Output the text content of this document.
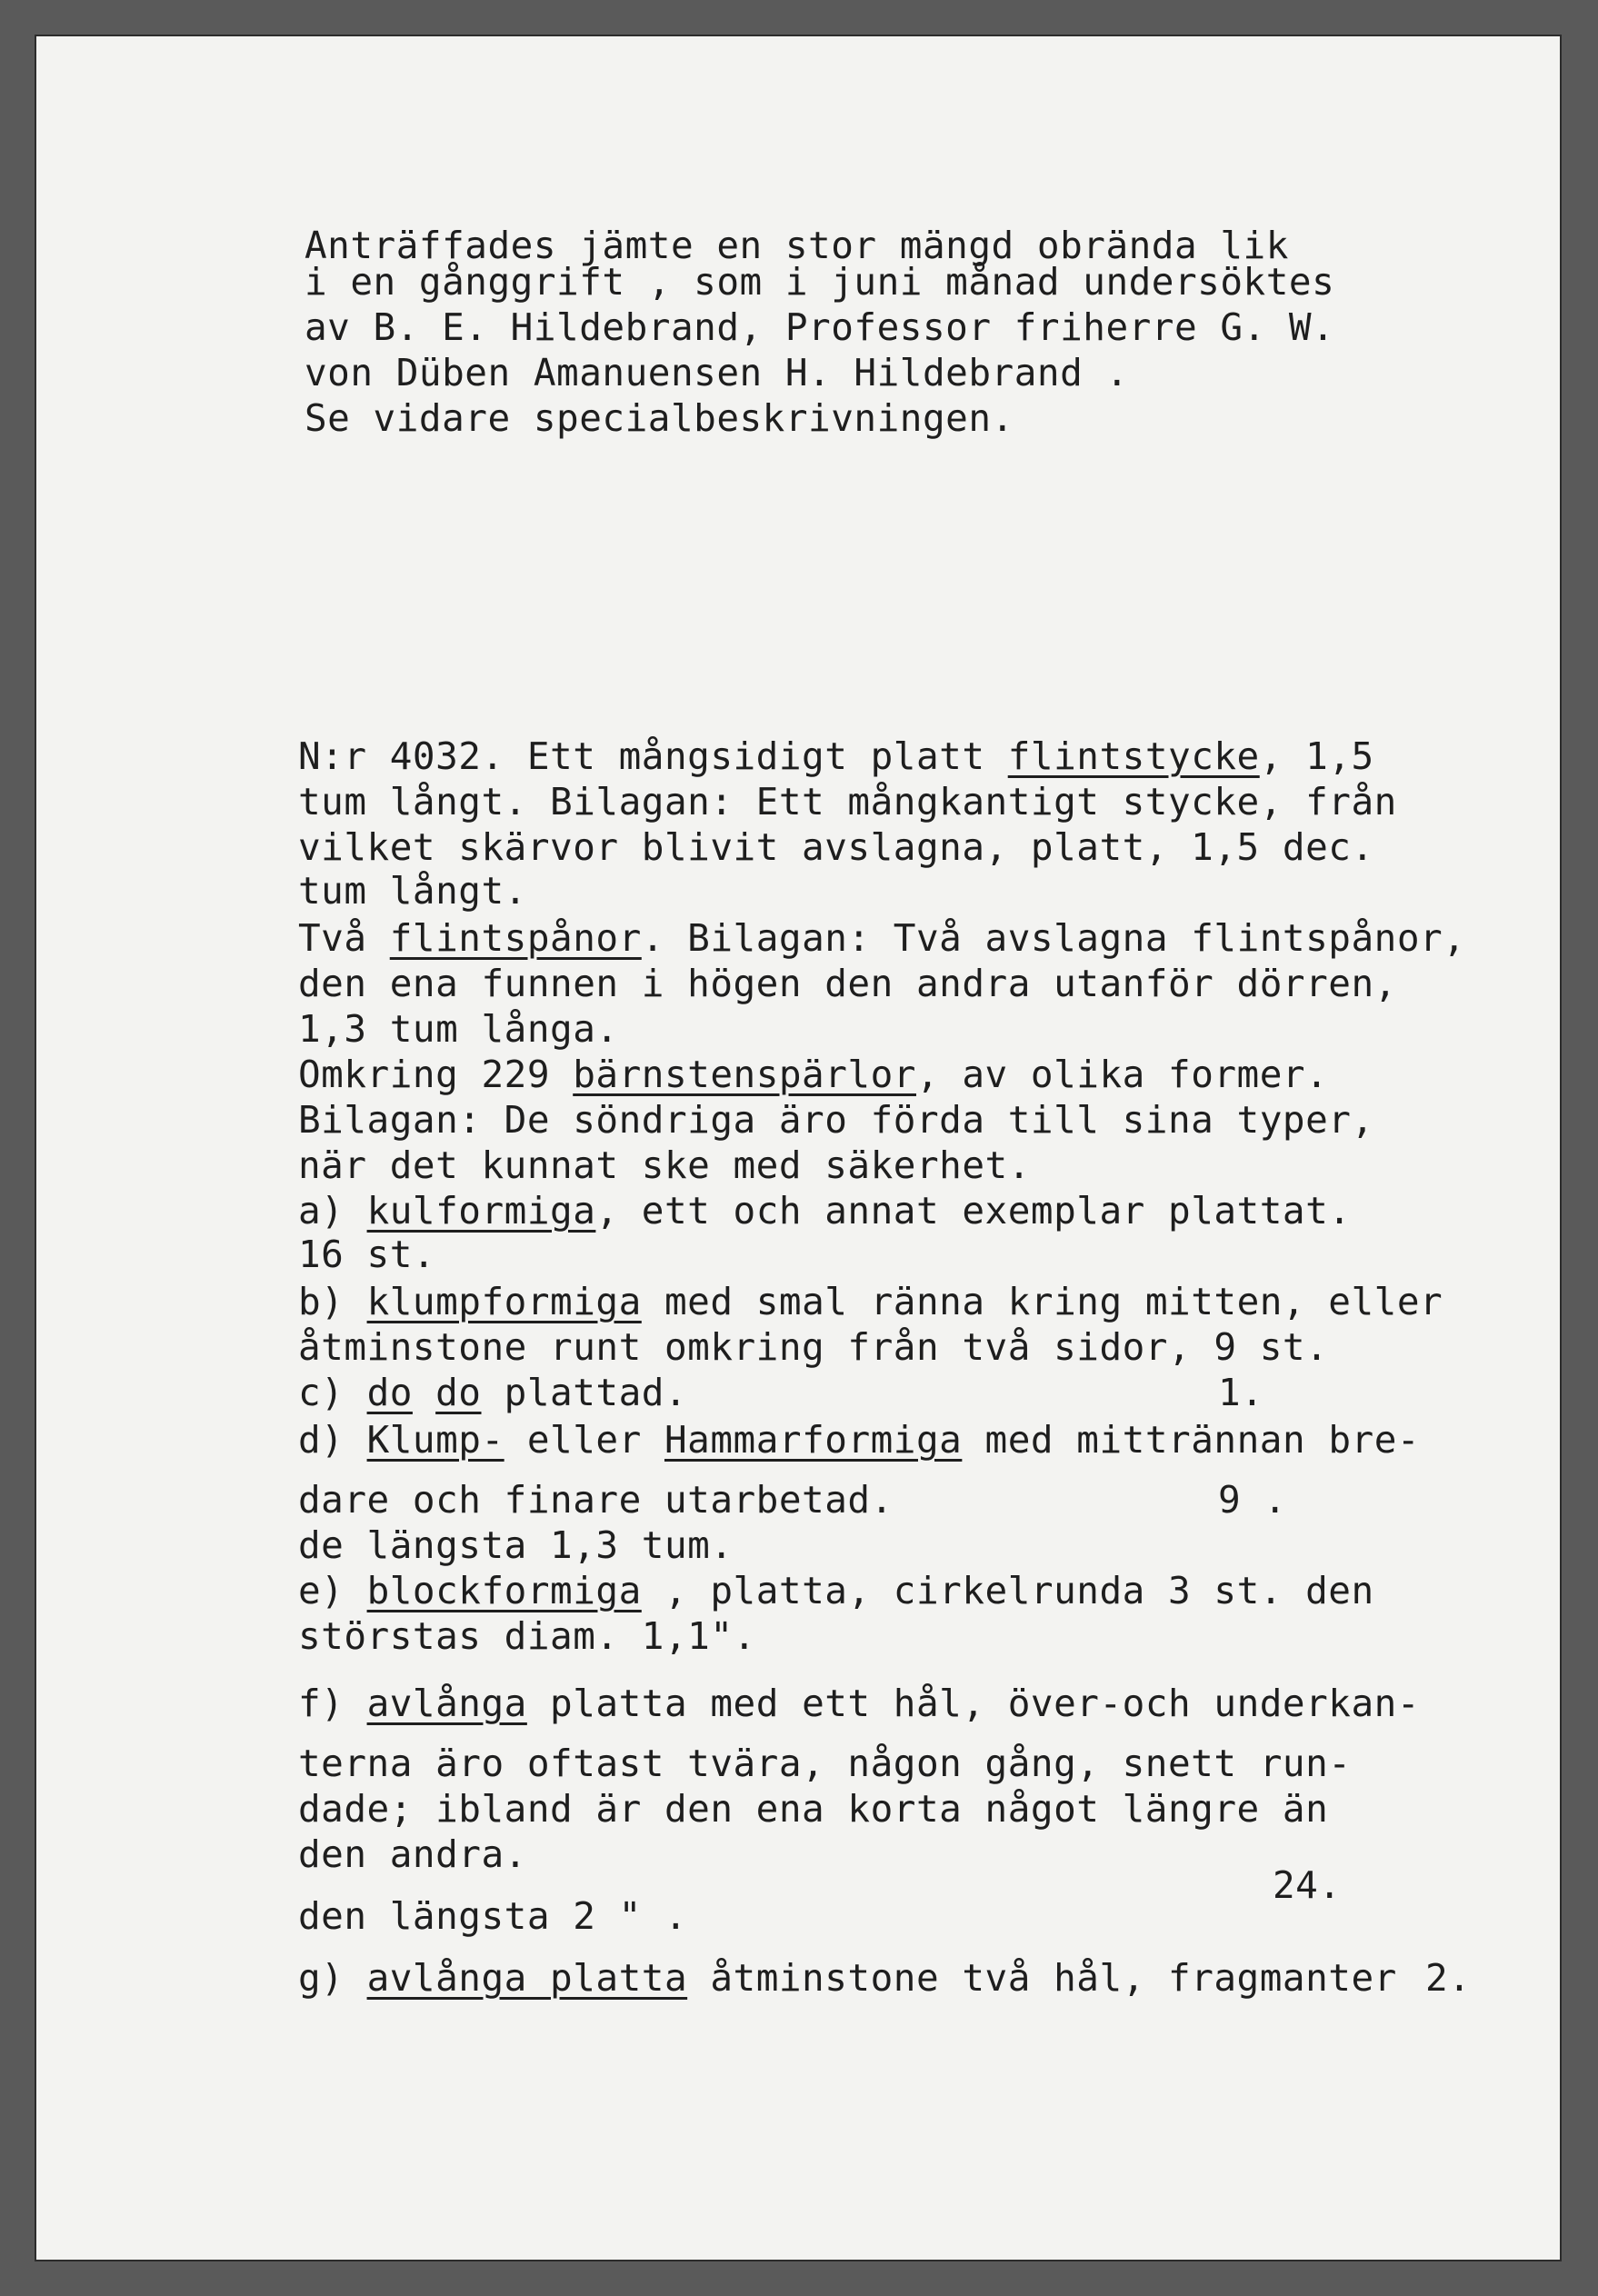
Anträffades jämte en stor mängd obrända lik
i en gånggrift , som i juni månad undersöktes
av B. E. Hildebrand, Professor friherre G. W.
von Düben Amanuensen H. Hildebrand .
Se vidare specialbeskrivningen.
N:r 4032. Ett mångsidigt platt flintstycke, 1,5
tum långt. Bilagan: Ett mångkantigt stycke, från
vilket skärvor blivit avslagna, platt, 1,5 dec.
tum långt.
Två flintspånor. Bilagan: Två avslagna flintspånor,
den ena funnen i högen den andra utanför dörren,
1,3 tum långa.
Omkring 229 bärnstenspärlor, av olika former.
Bilagan: De söndriga äro förda till sina typer,
när det kunnat ske med säkerhet.
a) kulformiga, ett och annat exemplar plattat.
16 st.
b) klumpformiga med smal ränna kring mitten, eller
åtminstone runt omkring från två sidor, 9 st.
c) do do plattad.	1.
d) Klump- eller Hammarformiga med mittrännan bre-
dare och finare utarbetad.	9 .
de längsta 1,3 tum.
e) blockformiga , platta, cirkelrunda 3 st. den
störstas diam. 1,1".
f) avlånga platta med ett hål, över-och underkan-
terna äro oftast tvära, någon gång, snett run-
dade; ibland är den ena korta något längre än
den andra.
24.
den längsta 2 " .
g) avlånga platta åtminstone två hål, fragmanter 2.
